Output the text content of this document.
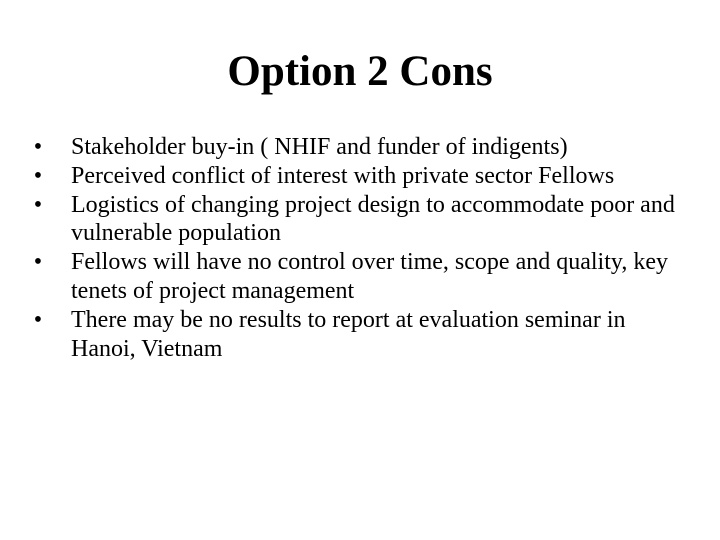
Option 2 Cons
• Stakeholder buy-in ( NHIF and funder of indigents)
• Perceived conflict of interest with private sector Fellows
• Logistics of changing project design to accommodate poor and vulnerable population
• Fellows will have no control over time, scope and quality, key tenets of project management
• There may be no results to report at evaluation seminar in Hanoi, Vietnam
